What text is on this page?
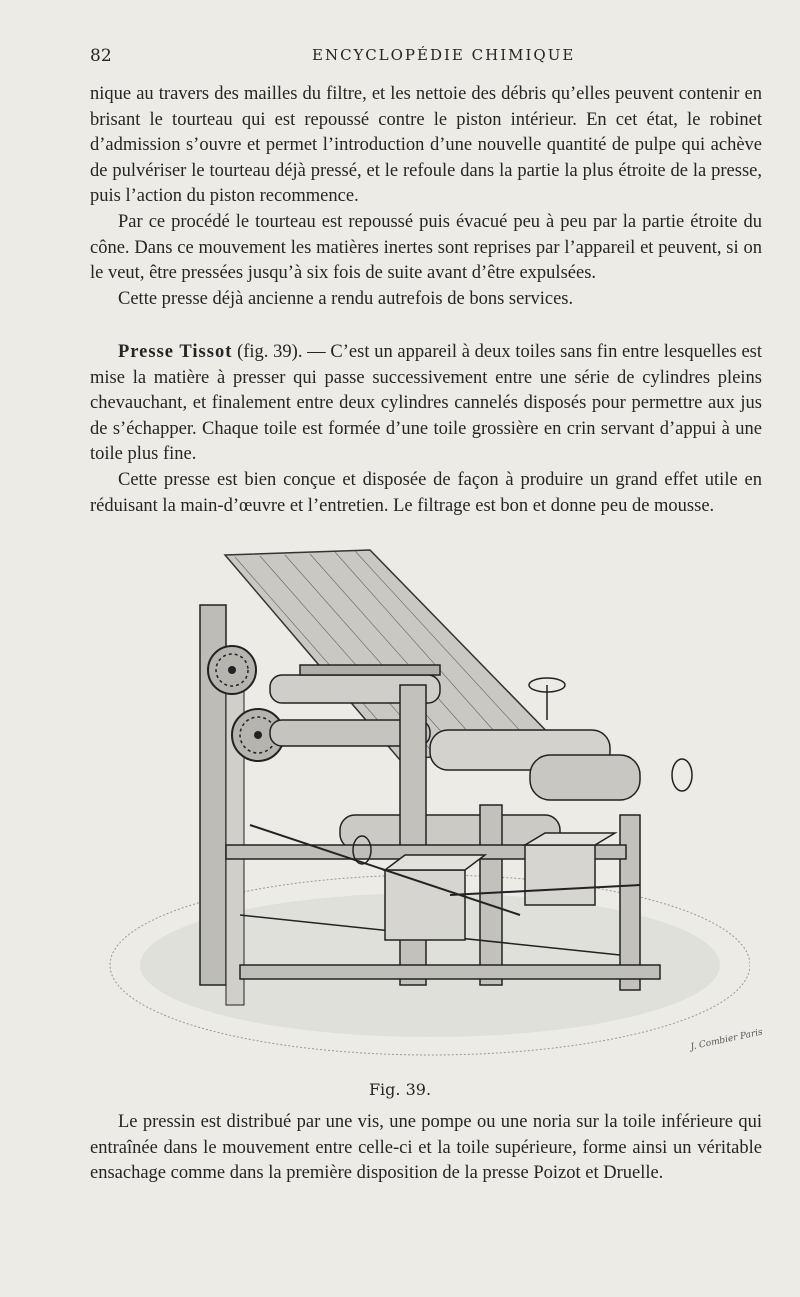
82	ENCYCLOPÉDIE CHIMIQUE

nique au travers des mailles du filtre, et les nettoie des débris qu’elles peuvent contenir en brisant le tourteau qui est repoussé contre le piston intérieur. En cet état, le robinet d’admission s’ouvre et permet l’introduction d’une nouvelle quantité de pulpe qui achève de pulvériser le tourteau déjà pressé, et le refoule dans la partie la plus étroite de la presse, puis l’action du piston recommence.

Par ce procédé le tourteau est repoussé puis évacué peu à peu par la partie étroite du cône. Dans ce mouvement les matières inertes sont reprises par l’appareil et peuvent, si on le veut, être pressées jusqu’à six fois de suite avant d’être expulsées.

Cette presse déjà ancienne a rendu autrefois de bons services.

Presse Tissot (fig. 39). — C’est un appareil à deux toiles sans fin entre lesquelles est mise la matière à presser qui passe successivement entre une série de cylindres pleins chevauchant, et finalement entre deux cylindres cannelés disposés pour permettre aux jus de s’échapper. Chaque toile est formée d’une toile grossière en crin servant d’appui à une toile plus fine.

Cette presse est bien conçue et disposée de façon à produire un grand effet utile en réduisant la main-d’œuvre et l’entretien. Le filtrage est bon et donne peu de mousse.

J. Combier Paris
Fig. 39.

Le pressin est distribué par une vis, une pompe ou une noria sur la toile inférieure qui entraînée dans le mouvement entre celle-ci et la toile supérieure, forme ainsi un véritable ensachage comme dans la première disposition de la presse Poizot et Druelle.
